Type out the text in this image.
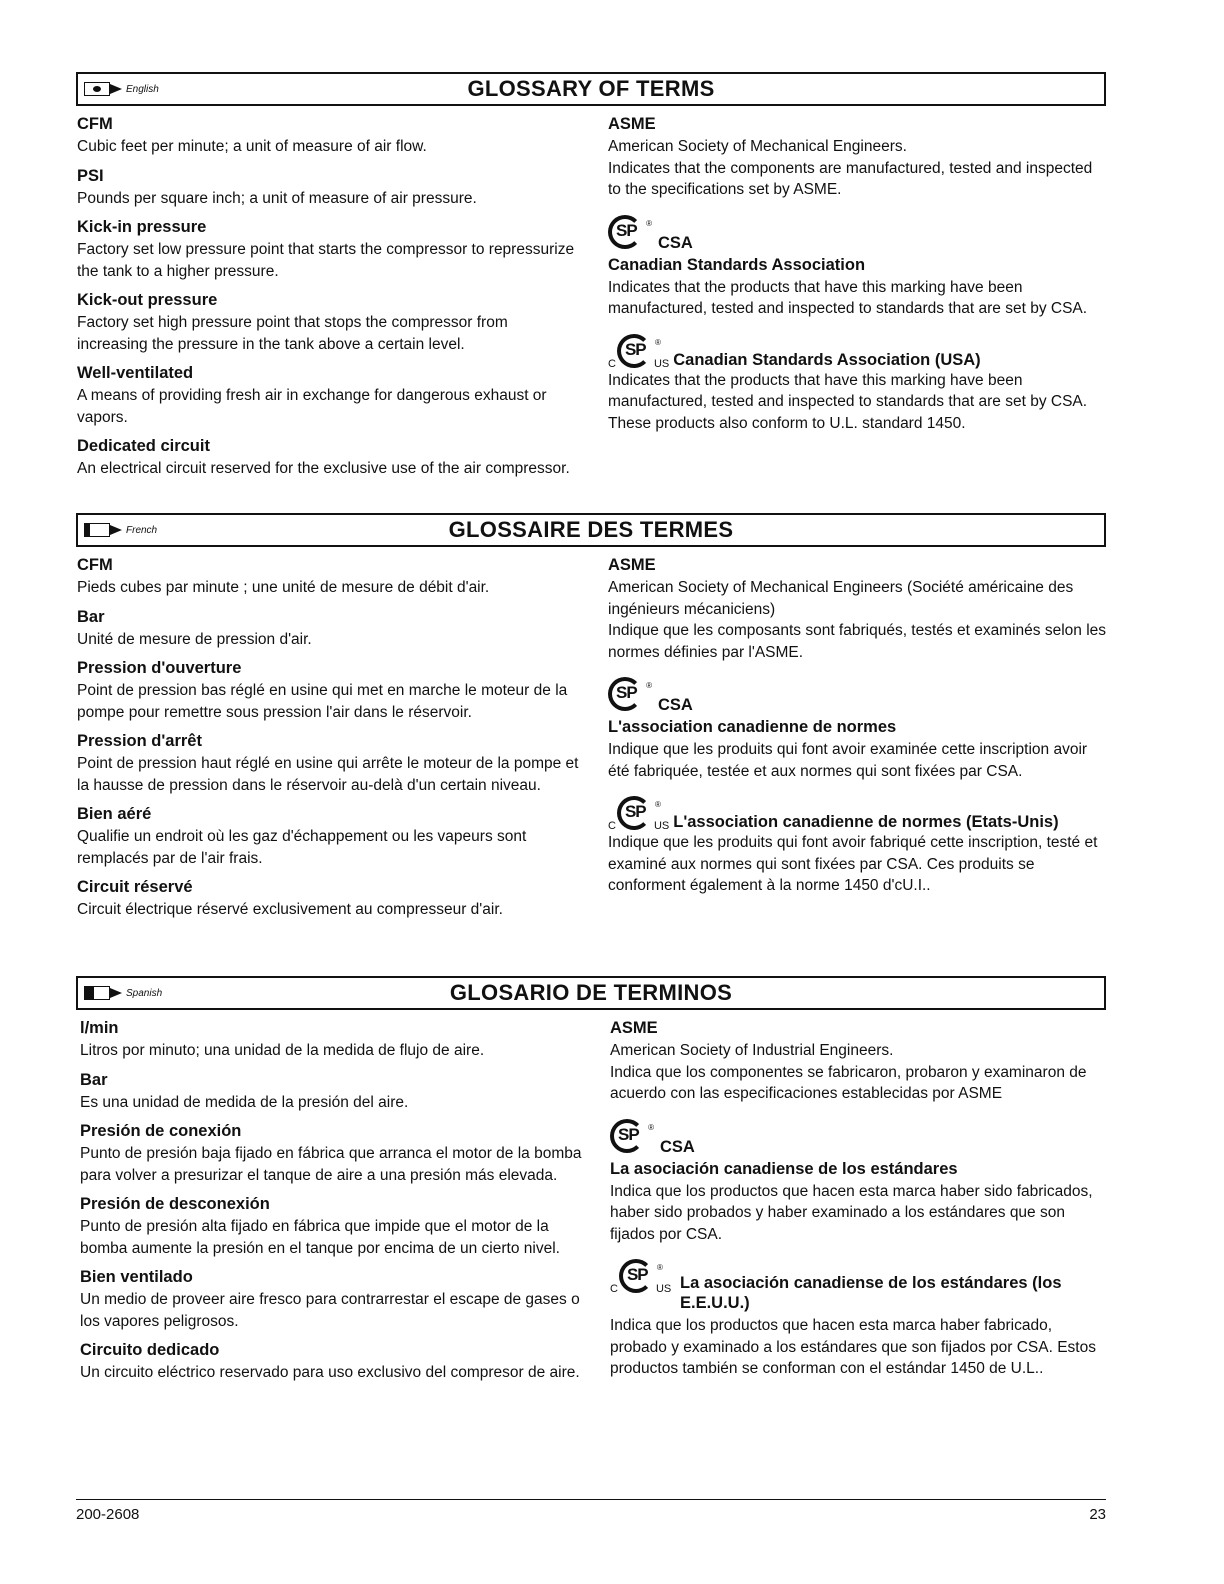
English	GLOSSARY OF TERMS
CFM
Cubic feet per minute; a unit of measure of air flow.
PSI
Pounds per square inch; a unit of measure of air pressure.
Kick-in pressure
Factory set low pressure point that starts the compressor to repressurize the tank to a higher pressure.
Kick-out pressure
Factory set high pressure point that stops the compressor from increasing the pressure in the tank above a certain level.
Well-ventilated
A means of providing fresh air in exchange for dangerous exhaust or vapors.
Dedicated circuit
An electrical circuit reserved for the exclusive use of the air compressor.
ASME
American Society of Mechanical Engineers.
Indicates that the components are manufactured, tested and inspected to the specifications set by ASME.
SP ®
CSA
Canadian Standards Association
Indicates that the products that have this marking have been manufactured, tested and inspected to standards that are set by CSA.
C
SP ®
US Canadian Standards Association (USA)
Indicates that the products that have this marking have been manufactured, tested and inspected to standards that are set by CSA. These products also conform to U.L. standard 1450.
French	GLOSSAIRE DES TERMES
CFM
Pieds cubes par minute ; une unité de mesure de débit d'air.
Bar
Unité de mesure de pression d'air.
Pression d'ouverture
Point de pression bas réglé en usine qui met en marche le moteur de la pompe pour remettre sous pression l'air dans le réservoir.
Pression d'arrêt
Point de pression haut réglé en usine qui arrête le moteur de la pompe et la hausse de pression dans le réservoir au-delà d'un certain niveau.
Bien aéré
Qualifie un endroit où les gaz d'échappement ou les vapeurs sont remplacés par de l'air frais.
Circuit réservé
Circuit électrique réservé exclusivement au compresseur d'air.
ASME
American Society of Mechanical Engineers (Société américaine des ingénieurs mécaniciens)
Indique que les composants sont fabriqués, testés et examinés selon les normes définies par l'ASME.
SP ®
CSA
L'association canadienne de normes
Indique que les produits qui font avoir examinée cette inscription avoir été fabriquée, testée et aux normes qui sont fixées par CSA.
C
SP ®
US L'association canadienne de normes (Etats-Unis)
Indique que les produits qui font avoir fabriqué cette inscription, testé et examiné aux normes qui sont fixées par CSA. Ces produits se conforment également à la norme 1450 d'cU.I..
Spanish	GLOSARIO DE TERMINOS
l/min
Litros por minuto; una unidad de la medida de flujo de aire.
Bar
Es una unidad de medida de la presión del aire.
Presión de conexión
Punto de presión baja fijado en fábrica que arranca el motor de la bomba para volver a presurizar el tanque de aire a una presión más elevada.
Presión de desconexión
Punto de presión alta fijado en fábrica que impide que el motor de la bomba aumente la presión en el tanque por encima de un cierto nivel.
Bien ventilado
Un medio de proveer aire fresco para contrarrestar el escape de gases o los vapores peligrosos.
Circuito dedicado
Un circuito eléctrico reservado para uso exclusivo del compresor de aire.
ASME
American Society of Industrial Engineers.
Indica que los componentes se fabricaron, probaron y examinaron de acuerdo con las especificaciones establecidas por ASME
SP ®
CSA
La asociación canadiense de los estándares
Indica que los productos que hacen esta marca haber sido fabricados, haber sido probados y haber examinado a los estándares que son fijados por CSA.
C
SP ®
US La asociación canadiense de los estándares (los E.E.U.U.)
Indica que los productos que hacen esta marca haber fabricado, probado y examinado a los estándares que son fijados por CSA. Estos productos también se conforman con el estándar 1450 de U.L..
200-2608	23
